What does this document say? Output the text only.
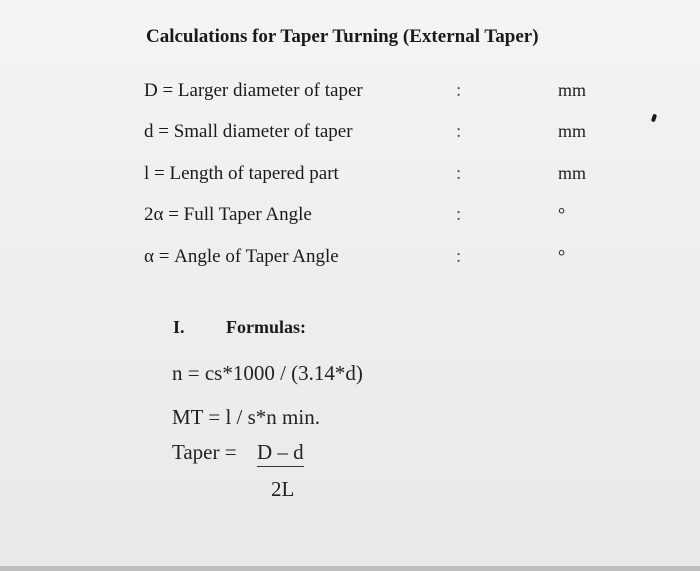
Calculations for Taper Turning (External Taper)
D = Larger diameter of taper	:	mm
d = Small diameter of taper	:	mm
l = Length of tapered part	:	mm
2α = Full Taper Angle	:	°
α = Angle of Taper Angle	:	°
I. Formulas:
n = cs*1000 / (3.14*d)
MT = l / s*n min.
Taper = D – d
2L
